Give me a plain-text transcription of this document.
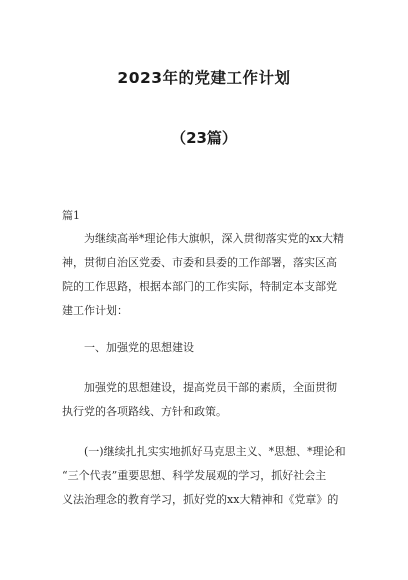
2023年的党建工作计划
（23篇）
篇1
　　为继续高举*理论伟大旗帜，深入贯彻落实党的xx大精
神，贯彻自治区党委、市委和县委的工作部署，落实区高
院的工作思路，根据本部门的工作实际，特制定本支部党
建工作计划：
　　一、加强党的思想建设
　　加强党的思想建设，提高党员干部的素质，全面贯彻
执行党的各项路线、方针和政策。
　　(一)继续扎扎实实地抓好马克思主义、*思想、*理论和
“三个代表”重要思想、科学发展观的学习，抓好社会主
义法治理念的教育学习，抓好党的xx大精神和《党章》的
